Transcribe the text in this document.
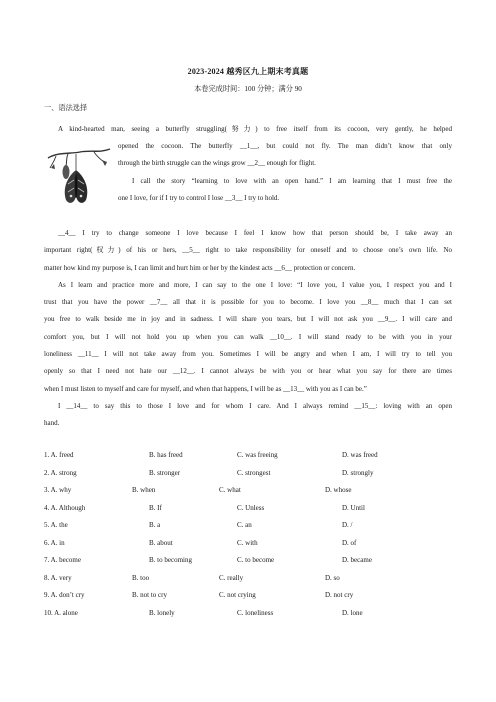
2023-2024 越秀区九上期末考真题
本卷完成时间：100 分钟；满分 90
一、语法选择
A kind-hearted man, seeing a butterfly struggling(努力) to free itself from its cocoon, very gently, he helped
opened the cocoon. The butterfly __1__, but could not fly. The man didn’t know that only
through the birth struggle can the wings grow __2__ enough for flight.
I call the story “learning to love with an open hand.” I am learning that I must free the
one I love, for if I try to control I lose __3__ I try to hold.
__4__ I try to change someone I love because I feel I know how that person should be, I take away an
important right(权力) of his or hers, __5__ right to take responsibility for oneself and to choose one’s own life. No
matter how kind my purpose is, I can limit and hurt him or her by the kindest acts __6__ protection or concern.
As I learn and practice more and more, I can say to the one I love: “I love you, I value you, I respect you and I
trust that you have the power __7__ all that it is possible for you to become. I love you __8__ much that I can set
you free to walk beside me in joy and in sadness. I will share you tears, but I will not ask you __9__. I will care and
comfort you, but I will not hold you up when you can walk __10__. I will stand ready to be with you in your
loneliness __11__ I will not take away from you. Sometimes I will be angry and when I am, I will try to tell you
openly so that I need not hate our __12__. I cannot always be with you or hear what you say for there are times
when I must listen to myself and care for myself, and when that happens, I will be as __13__ with you as I can be.”
I __14__ to say this to those I love and for whom I care. And I always remind __15__: loving with an open
hand.
1. A. freed	B. has freed	C. was freeing	D. was freed
2. A. strong	B. stronger	C. strongest	D. strongly
3. A. why	B. when	C. what	D. whose
4. A. Although	B. If	C. Unless	D. Until
5. A. the	B. a	C. an	D. /
6. A. in	B. about	C. with	D. of
7. A. become	B. to becoming	C. to become	D. became
8. A. very	B. too	C. really	D. so
9. A. don’t cry	B. not to cry	C. not crying	D. not cry
10. A. alone	B. lonely	C. loneliness	D. lone
